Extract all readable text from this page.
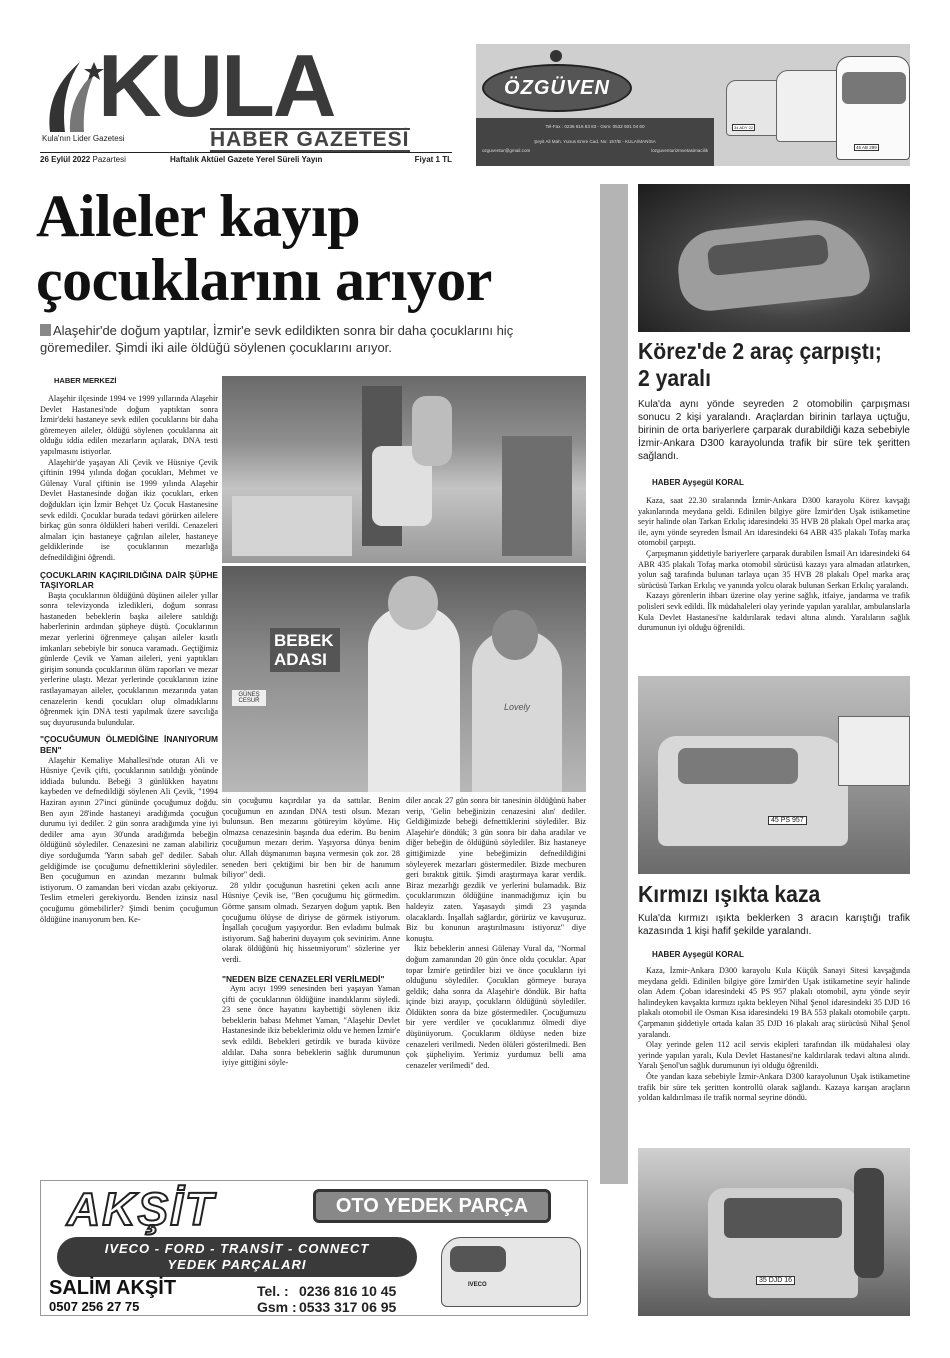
KULA
Kula'nın Lider Gazetesi	HABER GAZETESİ
26 Eylül 2022 Pazartesi	Haftalık Aktüel Gazete Yerel Süreli Yayın	Fiyat 1 TL
ÖZGÜVEN
Tel-Fax : 0236 816 83 83 - Gsm: 0532 501 04 60
Şeyit Ali Mah. Yunus Emre Cad. No: 157/B - KULA/MANİSA
ozguventur@gmail.com	/ozguventurizmvetasimacilik
34 ADY 22
45 AB 299
Aileler kayıp
çocuklarını arıyor
Alaşehir'de doğum yaptılar, İzmir'e sevk edildikten sonra bir daha çocuklarını hiç göremediler. Şimdi iki aile öldüğü söylenen çocuklarını arıyor.
HABER MERKEZİ

Alaşehir ilçesinde 1994 ve 1999 yıllarında Alaşehir Devlet Hastanesi'nde doğum yaptıktan sonra İzmir'deki hastaneye sevk edilen çocuklarını bir daha göremeyen aileler, öldüğü söylenen çocuklarına ait olduğu iddia edilen mezarların açılarak, DNA testi yapılmasını istiyorlar.

Alaşehir'de yaşayan Ali Çevik ve Hüsniye Çevik çiftinin 1994 yılında doğan çocukları, Mehmet ve Gülenay Vural çiftinin ise 1999 yılında Alaşehir Devlet Hastanesinde doğan ikiz çocukları, erken doğdukları için İzmir Behçet Uz Çocuk Hastanesine sevk edildi. Çocuklar burada tedavi görürken ailelere birkaç gün sonra öldükleri haberi verildi. Cenazeleri almaları için hastaneye çağrılan aileler, hastaneye geldiklerinde ise çocuklarının mezarlığa defnedildiğini öğrendi.

ÇOCUKLARIN KAÇIRILDIĞINA DAİR ŞÜPHE TAŞIYORLAR

Başta çocuklarının öldüğünü düşünen aileler yıllar sonra televizyonda izledikleri, doğum sonrası hastaneden bebeklerin başka ailelere satıldığı haberlerinin ardından şüpheye düştü. Çocuklarının mezar yerlerini öğrenmeye çalışan aileler kısıtlı imkanları sebebiyle bir sonuca varamadı. Geçtiğimiz günlerde Çevik ve Yaman aileleri, yeni yaptıkları girişim sonunda çocuklarının ölüm raporları ve mezar yerlerine ulaştı. Mezar yerlerinde çocuklarının izine rastlayamayan aileler, çocuklarının mezarında yatan cenazelerin kendi çocukları olup olmadıklarını öğrenmek için DNA testi yapılmak üzere savcılığa suç duyurusunda bulundular.

"ÇOCUĞUMUN ÖLMEDİĞİNE İNANIYORUM BEN"

Alaşehir Kemaliye Mahallesi'nde oturan Ali ve Hüsniye Çevik çifti, çocuklarının satıldığı yönünde iddiada bulundu. Bebeği 3 günlükken hayatını kaybeden ve defnedildiği söylenen Ali Çevik, "1994 Haziran ayının 27'inci gününde çocuğumuz doğdu. Ben ayın 28'inde hastaneyi aradığımda çocuğun durumu iyi dediler. 2 gün sonra aradığımda yine iyi dediler ama ayın 30'unda aradığımda bebeğin öldüğünü söylediler. Cenazesini ne zaman alabiliriz diye sorduğumda 'Yarın sabah gel' dediler. Sabah geldiğimde ise çocuğumu defnettiklerini söylediler. Ben çocuğumun en azından mezarını bulmak istiyorum. O zamandan beri vicdan azabı çekiyoruz. Teslim etmeleri gerekiyordu. Benden izinsiz nasıl çocuğumu gömebilirler? Şimdi benim çocuğumun öldüğüne inanıyorum ben. Ke-

BEBEK ADASI
GÜNEŞ CESUR
Lovely

sin çocuğumu kaçırdılar ya da sattılar. Benim çocuğumun en azından DNA testi olsun. Mezarı bulunsun. Ben mezarını götüreyim köyüme. Hiç olmazsa cenazesinin başında dua ederim. Bu benim çocuğumun mezarı derim. Yaşıyorsa dünya benim olur. Allah düşmanımın başına vermesin çok zor. 28 seneden beri çektiğimi bir ben bir de hanımım biliyor" dedi.

28 yıldır çocuğunun hasretini çeken acılı anne Hüsniye Çevik ise, "Ben çocuğumu hiç görmedim. Görme şansım olmadı. Sezaryen doğum yaptık. Ben çocuğumu ölüyse de diriyse de görmek istiyorum. İnşallah çocuğum yaşıyordur. Ben evladımı bulmak istiyorum. Sağ haberini duyayım çok sevinirim. Anne olarak öldüğünü hiç hissetmiyorum" sözlerine yer verdi.

"NEDEN BİZE CENAZELERİ VERİLMEDİ"

Aynı acıyı 1999 senesinden beri yaşayan Yaman çifti de çocuklarının öldüğüne inandıklarını söyledi. 23 sene önce hayatını kaybettiği söylenen ikiz bebeklerin babası Mehmet Yaman, "Alaşehir Devlet Hastanesinde ikiz bebeklerimiz oldu ve hemen İzmir'e sevk edildi. Bebekleri getirdik ve burada küvöze aldılar. Daha sonra bebeklerin sağlık durumunun iyiye gittiğini söyle-

diler ancak 27 gün sonra bir tanesinin öldüğünü haber verip, 'Gelin bebeğinizin cenazesini alın' dediler. Geldiğimizde bebeği defnettiklerini söylediler. Biz Alaşehir'e döndük; 3 gün sonra bir daha aradılar ve diğer bebeğin de öldüğünü söylediler. Biz hastaneye gittiğimizde yine bebeğimizin defnedildiğini söyleyerek mezarları göstermediler. Bizde mecburen geri bıraktık gittik. Şimdi araştırmaya karar verdik. Biraz mezarlığı gezdik ve yerlerini bulamadık. Biz çocuklarımızın öldüğüne inanmadığımız için bu haldeyiz zaten. Yaşasaydı şimdi 23 yaşında olacaklardı. İnşallah sağlardır, görürüz ve kavuşuruz. Biz bu konunun araştırılmasını istiyoruz" diye konuştu.

İkiz bebeklerin annesi Gülenay Vural da, "Normal doğum zamanından 20 gün önce oldu çocuklar. Apar topar İzmir'e getirdiler bizi ve önce çocukların iyi olduğunu söylediler. Çocukları görmeye buraya geldik; daha sonra da Alaşehir'e döndük. Bir hafta içinde bizi arayıp, çocukların öldüğünü söylediler. Öldükten sonra da bize göstermediler. Çocuğumuzu bir yere verdiler ve çocuklarımız ölmedi diye düşünüyorum. Çocuklarım öldüyse neden bize cenazeleri verilmedi. Neden ölüleri gösterilmedi. Ben çok şüpheliyim. Yerimiz yurdumuz belli ama cenazeler verilmedi" ded.

Körez'de 2 araç çarpıştı;
2 yaralı
Kula'da aynı yönde seyreden 2 otomobilin çarpışması sonucu 2 kişi yaralandı. Araçlardan birinin tarlaya uçtuğu, birinin de orta bariyerlere çarparak durabildiği kaza sebebiyle İzmir-Ankara D300 karayolunda trafik bir süre tek şeritten sağlandı.
HABER Ayşegül KORAL

Kaza, saat 22.30 sıralarında İzmir-Ankara D300 karayolu Körez kavşağı yakınlarında meydana geldi. Edinilen bilgiye göre İzmir'den Uşak istikametine seyir halinde olan Tarkan Erkılıç idaresindeki 35 HVB 28 plakalı Opel marka araç ile, aynı yönde seyreden İsmail Arı idaresindeki 64 ABR 435 plakalı Tofaş marka otomobil çarpıştı.

Çarpışmanın şiddetiyle bariyerlere çarparak durabilen İsmail Arı idaresindeki 64 ABR 435 plakalı Tofaş marka otomobil sürücüsü kazayı yara almadan atlatırken, yolun sağ tarafında bulunan tarlaya uçan 35 HVB 28 plakalı Opel marka araç sürücüsü Tarkan Erkılıç ve yanında yolcu olarak bulunan Serkan Erkılıç yaralandı.

Kazayı görenlerin ihbarı üzerine olay yerine sağlık, itfaiye, jandarma ve trafik polisleri sevk edildi. İlk müdahaleleri olay yerinde yapılan yaralılar, ambulanslarla Kula Devlet Hastanesi'ne kaldırılarak tedavi altına alındı. Yaralıların sağlık durumunun iyi olduğu öğrenildi.

45 PS 957
Kırmızı ışıkta kaza
Kula'da kırmızı ışıkta beklerken 3 aracın karıştığı trafik kazasında 1 kişi hafif şekilde yaralandı.
HABER Ayşegül KORAL

Kaza, İzmir-Ankara D300 karayolu Kula Küçük Sanayi Sitesi kavşağında meydana geldi. Edinilen bilgiye göre İzmir'den Uşak istikametine seyir halinde olan Adem Çoban idaresindeki 45 PS 957 plakalı otomobil, aynı yönde seyir halindeyken kavşakta kırmızı ışıkta bekleyen Nihal Şenol idaresindeki 35 DJD 16 plakalı otomobil ile Osman Kısa idaresindeki 19 BA 553 plakalı otomobile çarptı. Çarpmanın şiddetiyle ortada kalan 35 DJD 16 plakalı araç sürücüsü Nihal Şenol yaralandı.

Olay yerinde gelen 112 acil servis ekipleri tarafından ilk müdahalesi olay yerinde yapılan yaralı, Kula Devlet Hastanesi'ne kaldırılarak tedavi altına alındı. Yaralı Şenol'un sağlık durumunun iyi olduğu öğrenildi.

Öte yandan kaza sebebiyle İzmir-Ankara D300 karayolunun Uşak istikametine trafik bir süre tek şeritten kontrollü olarak sağlandı. Kazaya karışan araçların yoldan kaldırılması ile trafik normal seyrine döndü.

35 DJD 16
AKŞİT	OTO YEDEK PARÇA
IVECO - FORD - TRANSİT - CONNECT
YEDEK PARÇALARI
IVECO
SALİM AKŞİT
0507 256 27 75
Tel. : 0236 816 10 45
Gsm : 0533 317 06 95
